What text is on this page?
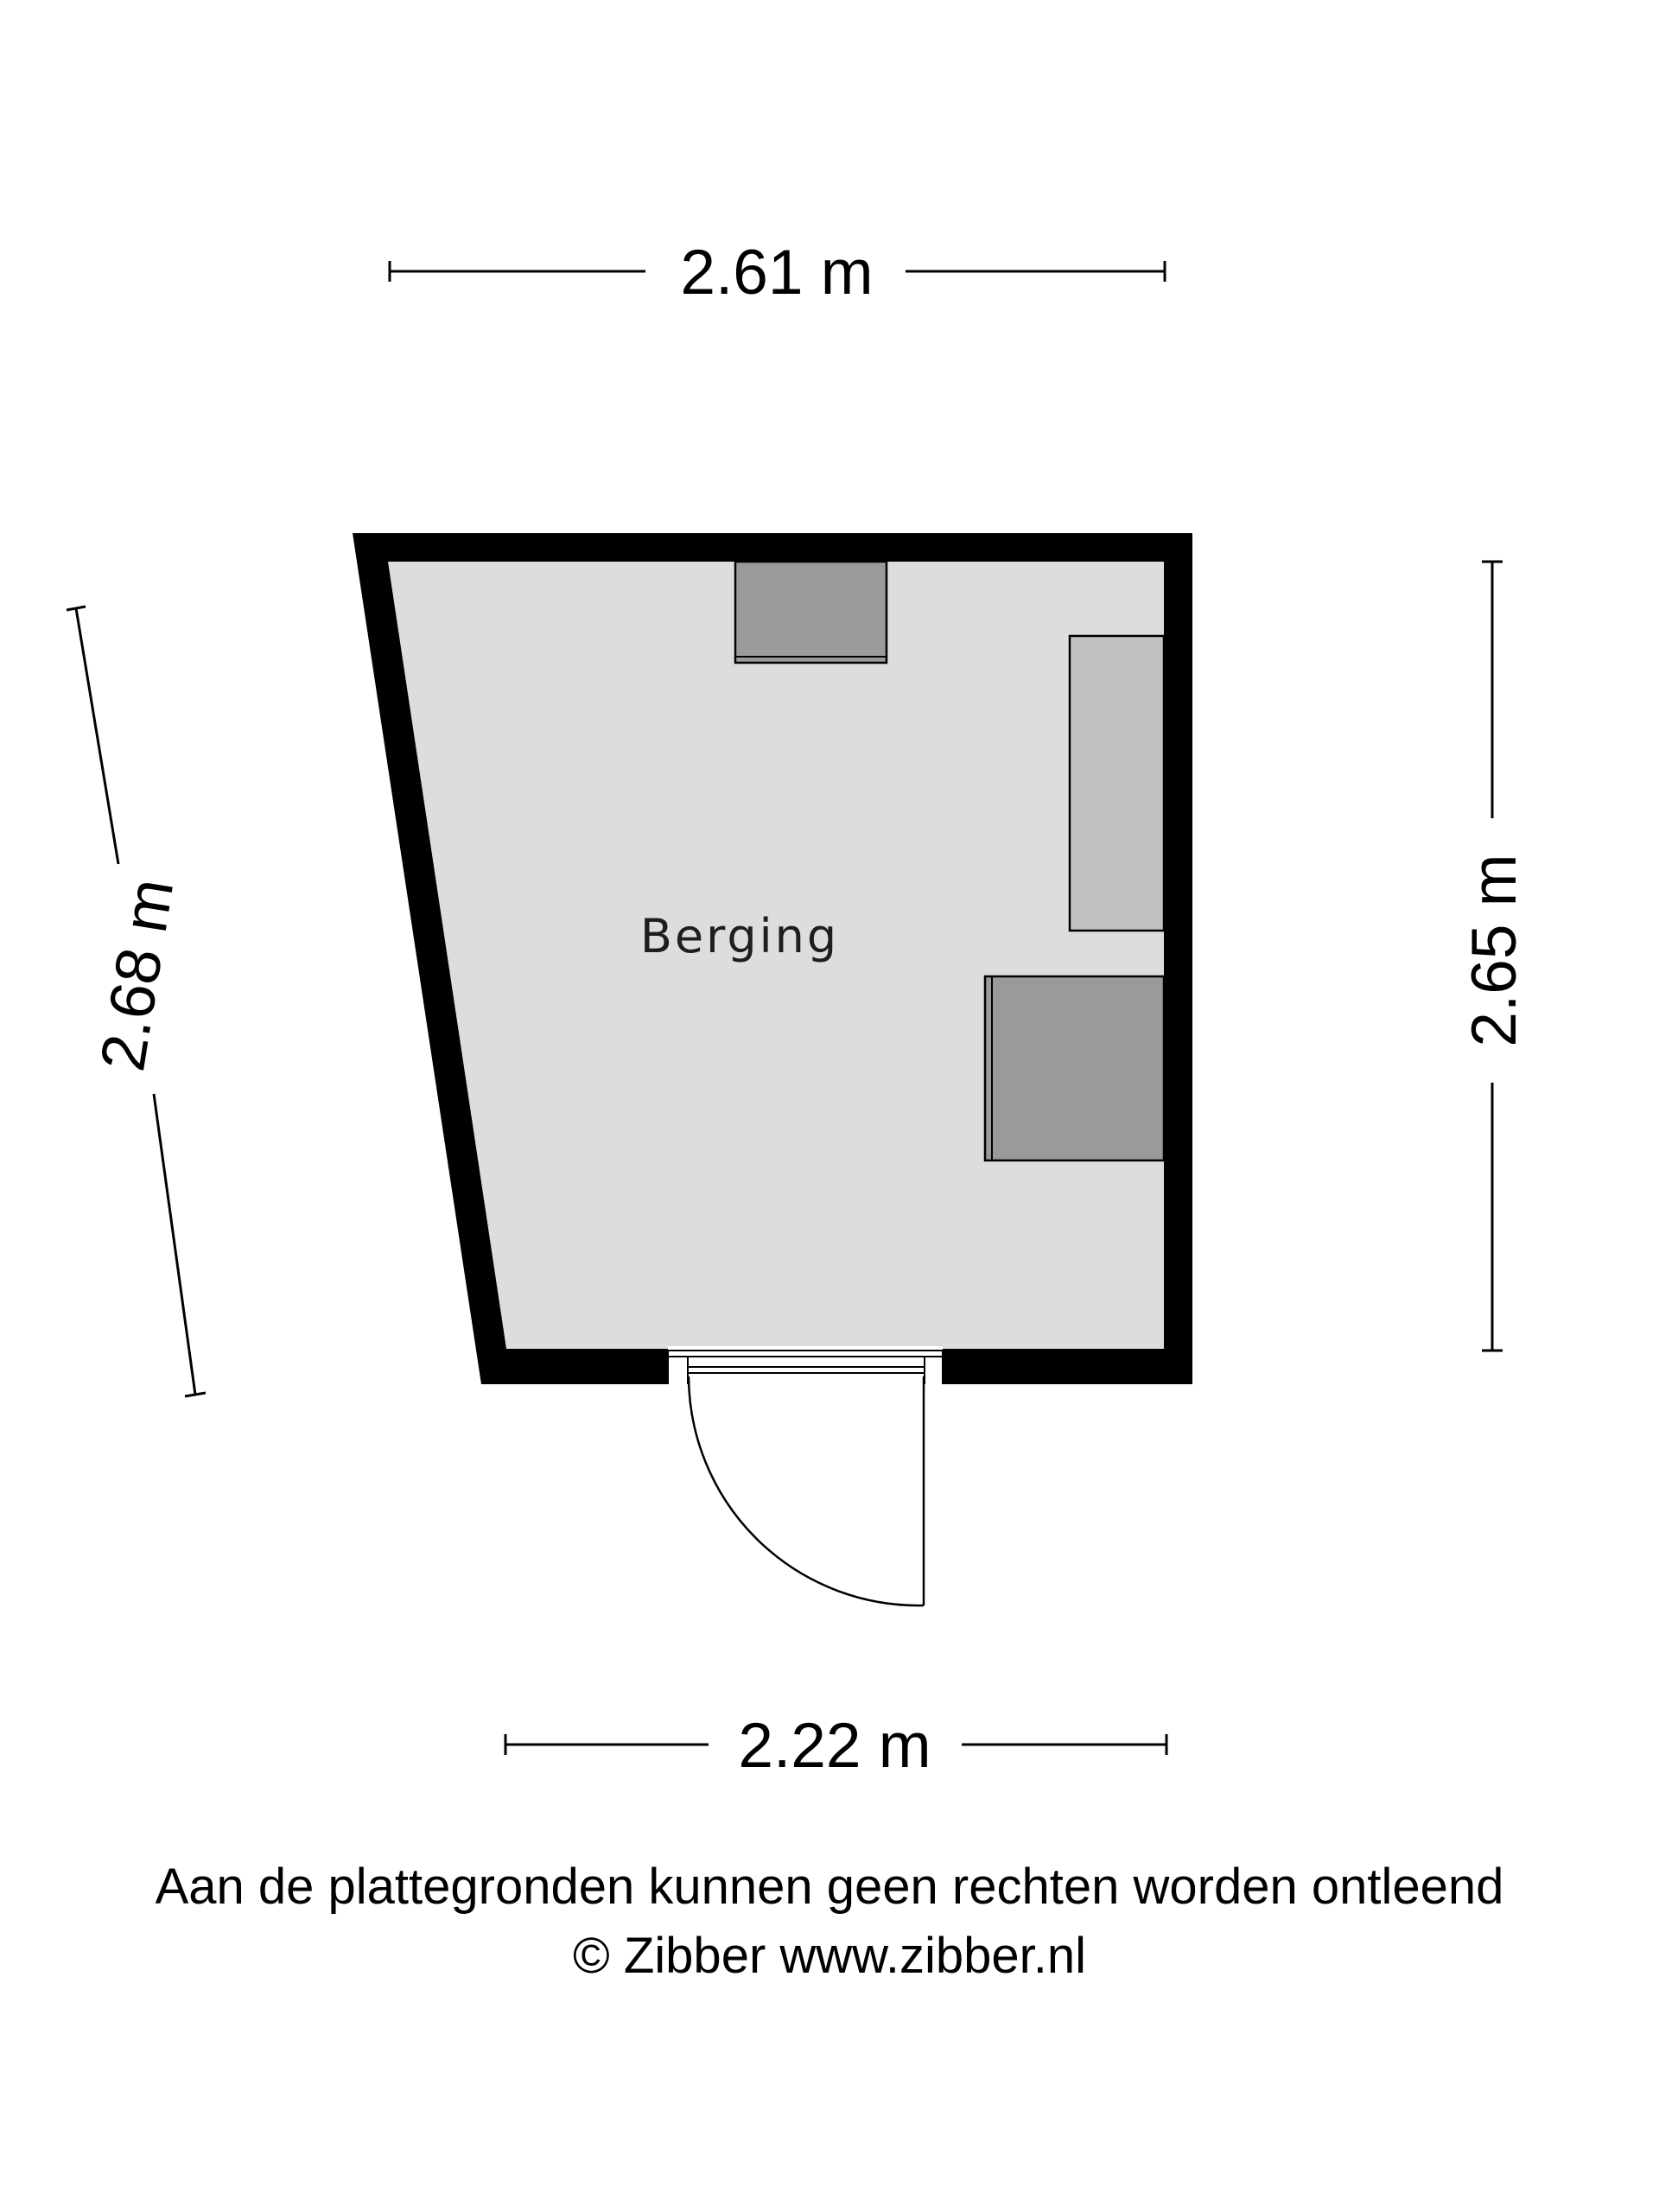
Berging
2.61 m
2.22 m
2.65 m
2.68 m
Aan de plattegronden kunnen geen rechten worden ontleend
© Zibber www.zibber.nl
